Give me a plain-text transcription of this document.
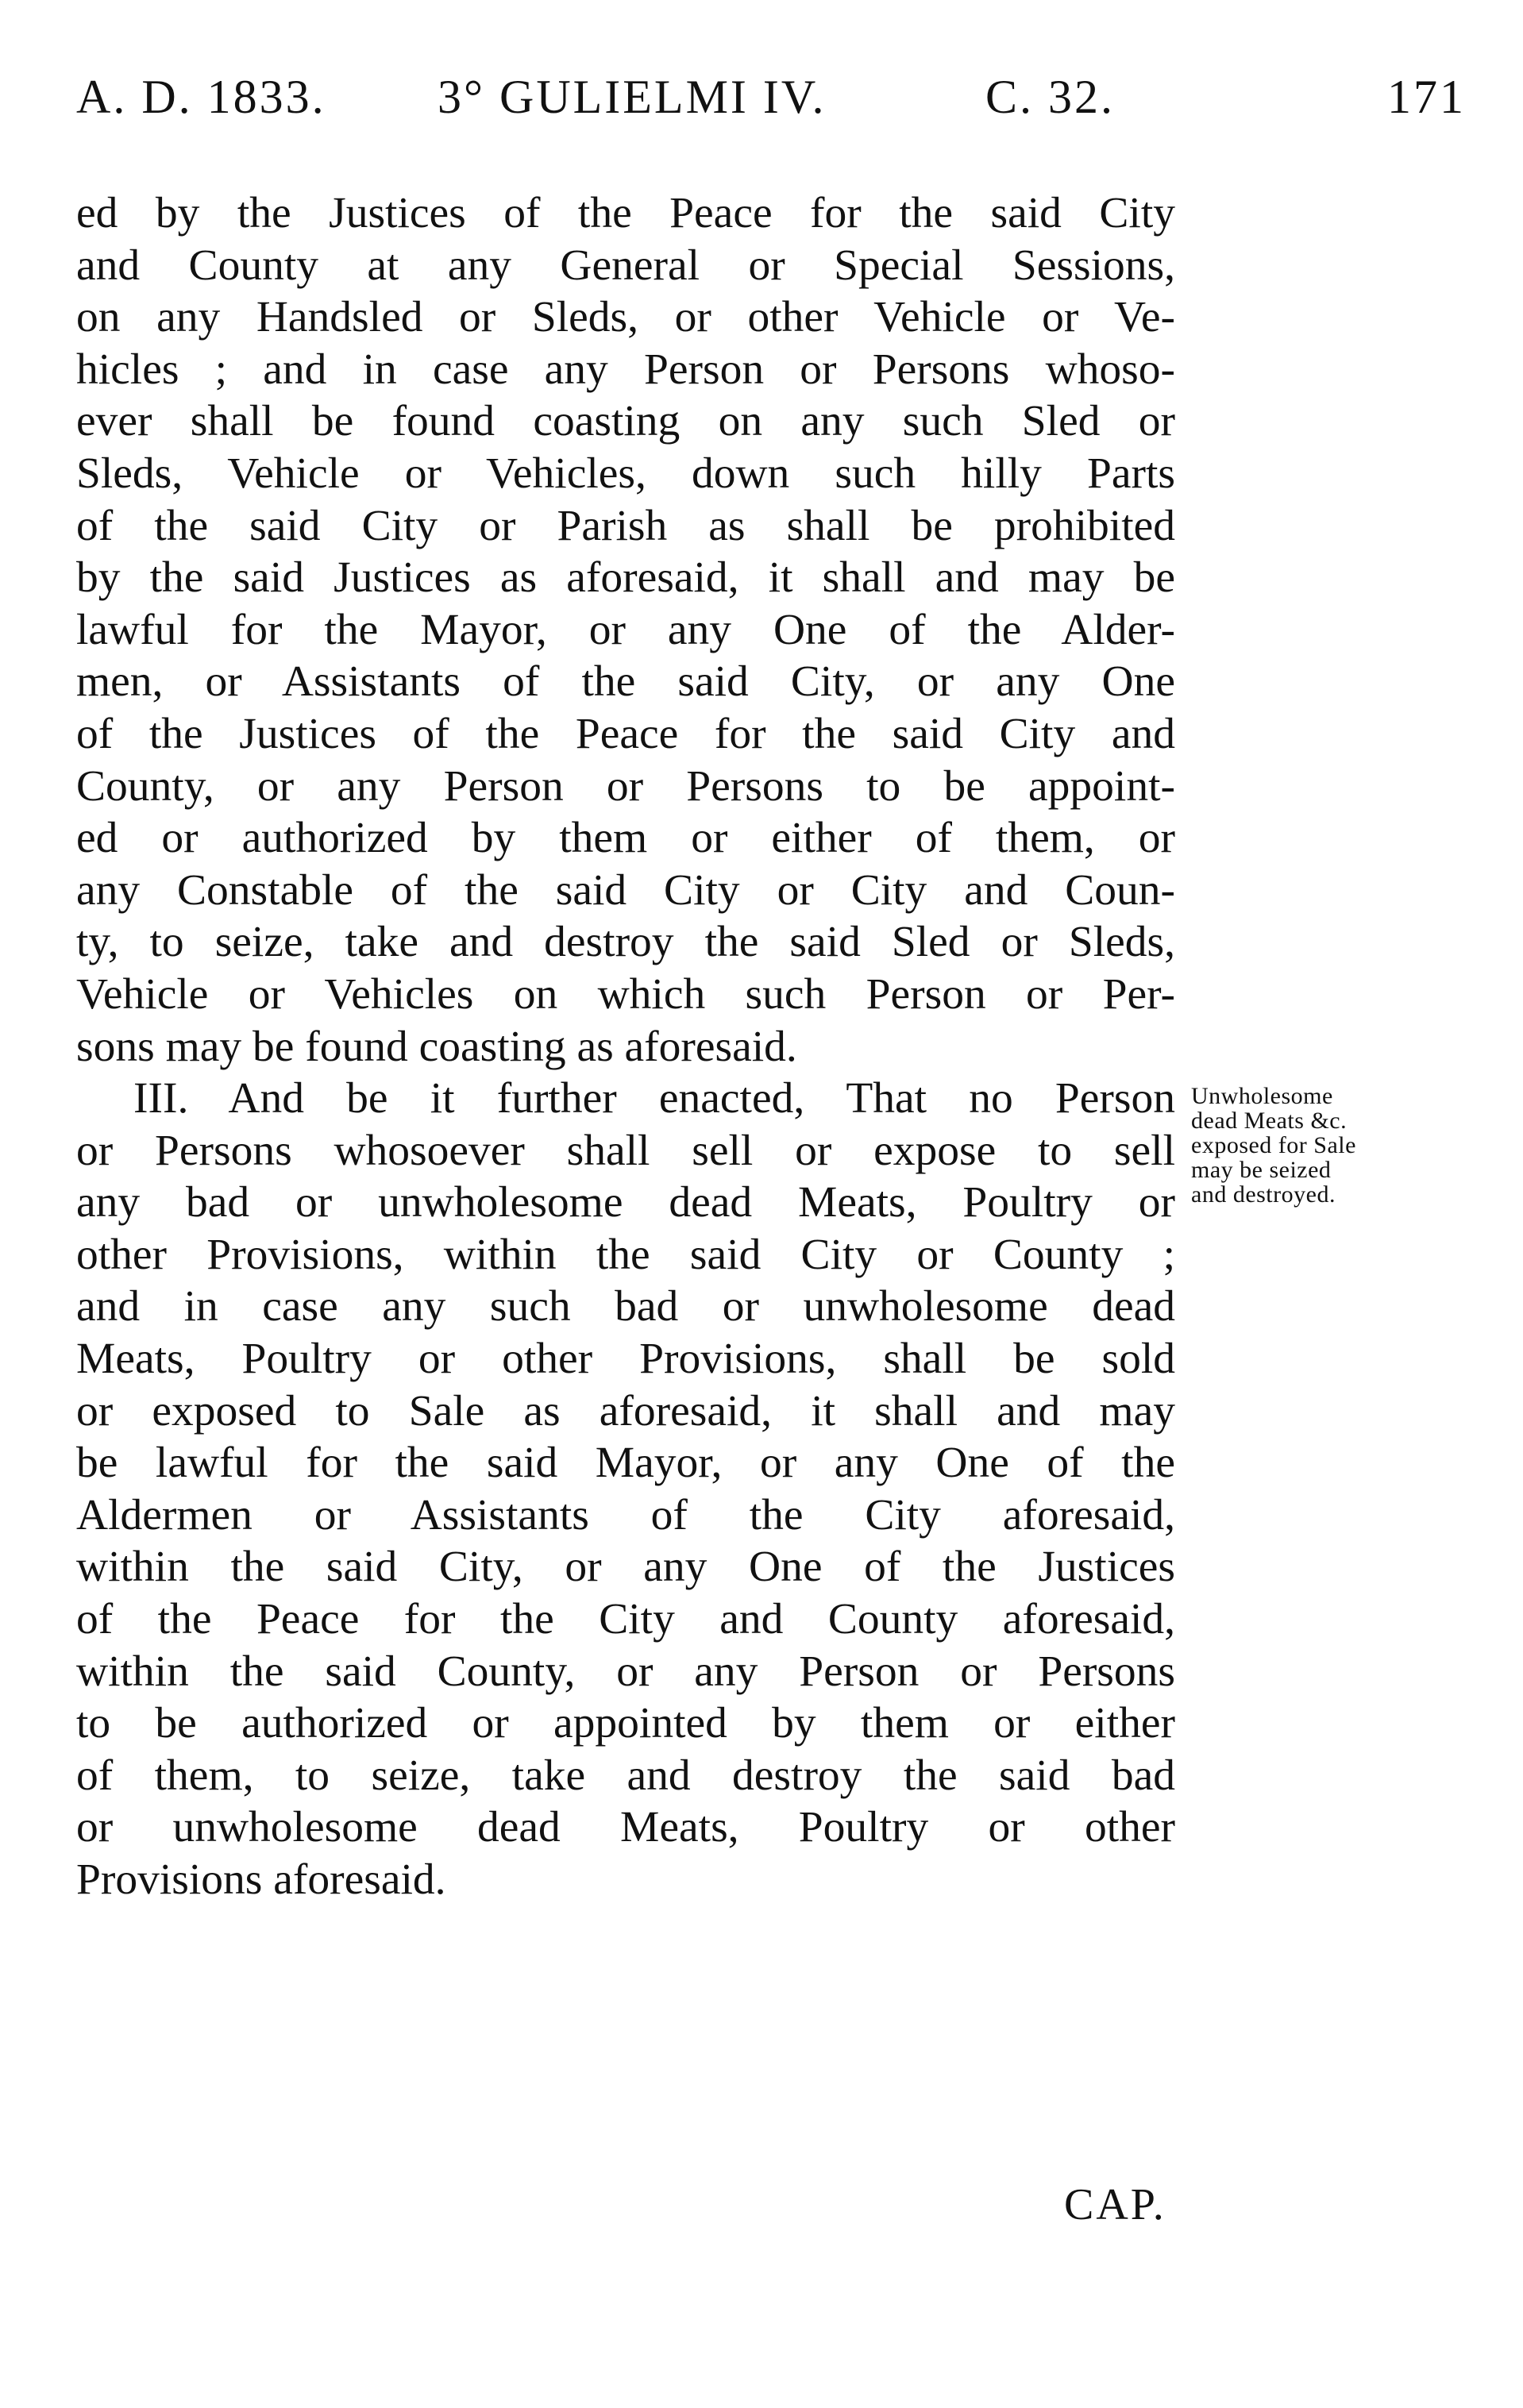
A. D. 1833. 3° GULIELMI IV.	C. 32.	171
ed by the Justices of the Peace for the said City
and County at any General or Special Sessions,
on any Handsled or Sleds, or other Vehicle or Ve-
hicles ; and in case any Person or Persons whoso-
ever shall be found coasting on any such Sled or
Sleds, Vehicle or Vehicles, down such hilly Parts
of the said City or Parish as shall be prohibited
by the said Justices as aforesaid, it shall and may be
lawful for the Mayor, or any One of the Alder-
men, or Assistants of the said City, or any One
of the Justices of the Peace for the said City and
County, or any Person or Persons to be appoint-
ed or authorized by them or either of them, or
any Constable of the said City or City and Coun-
ty, to seize, take and destroy the said Sled or Sleds,
Vehicle or Vehicles on which such Person or Per-
sons may be found coasting as aforesaid.
III. And be it further enacted, That no Person
or Persons whosoever shall sell or expose to sell
any bad or unwholesome dead Meats, Poultry or
other Provisions, within the said City or County ;
and in case any such bad or unwholesome dead
Meats, Poultry or other Provisions, shall be sold
or exposed to Sale as aforesaid, it shall and may
be lawful for the said Mayor, or any One of the
Aldermen or Assistants of the City aforesaid,
within the said City, or any One of the Justices
of the Peace for the City and County aforesaid,
within the said County, or any Person or Persons
to be authorized or appointed by them or either
of them, to seize, take and destroy the said bad
or unwholesome dead Meats, Poultry or other
Provisions aforesaid.
Unwholesome
dead Meats &c.
exposed for Sale
may be seized
and destroyed.
CAP.
